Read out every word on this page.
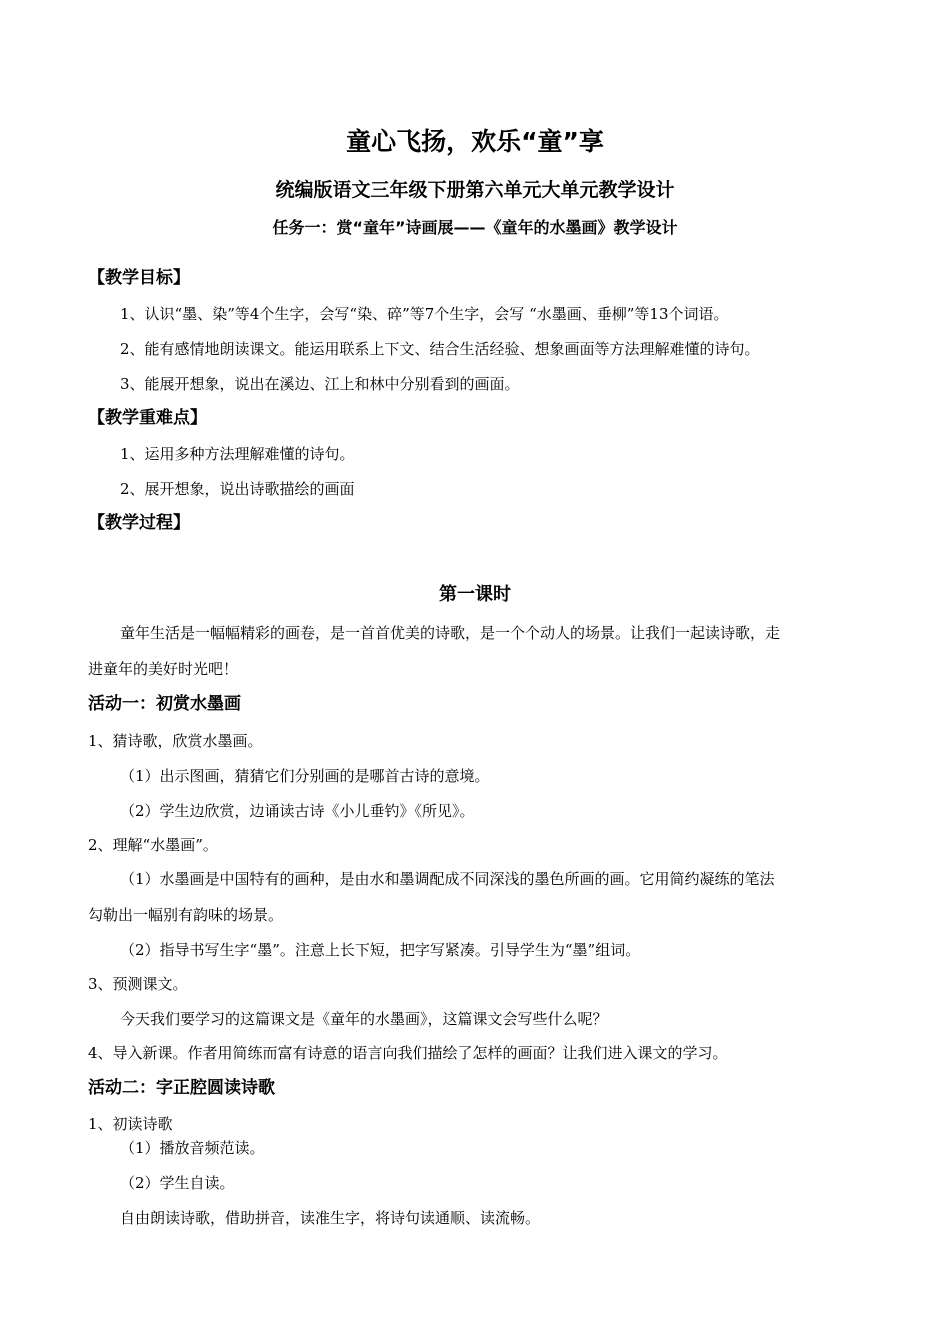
童心飞扬，欢乐“童”享
统编版语文三年级下册第六单元大单元教学设计
任务一：赏“童年”诗画展——《童年的水墨画》教学设计
【教学目标】
1、认识“墨、染”等4个生字，会写“染、碎”等7个生字，会写 “水墨画、垂柳”等13个词语。
2、能有感情地朗读课文。能运用联系上下文、结合生活经验、想象画面等方法理解难懂的诗句。
3、能展开想象，说出在溪边、江上和林中分别看到的画面。
【教学重难点】
1、运用多种方法理解难懂的诗句。
2、展开想象，说出诗歌描绘的画面
【教学过程】
第一课时
童年生活是一幅幅精彩的画卷，是一首首优美的诗歌，是一个个动人的场景。让我们一起读诗歌，走
进童年的美好时光吧！
活动一：初赏水墨画
1、猜诗歌，欣赏水墨画。
（1）出示图画，猜猜它们分别画的是哪首古诗的意境。
（2）学生边欣赏，边诵读古诗《小儿垂钓》《所见》。
2、理解“水墨画”。
（1）水墨画是中国特有的画种，是由水和墨调配成不同深浅的墨色所画的画。它用简约凝练的笔法
勾勒出一幅别有韵味的场景。
（2）指导书写生字“墨”。注意上长下短，把字写紧凑。引导学生为“墨”组词。
3、预测课文。
今天我们要学习的这篇课文是《童年的水墨画》，这篇课文会写些什么呢？
4、导入新课。作者用简练而富有诗意的语言向我们描绘了怎样的画面？让我们进入课文的学习。
活动二：字正腔圆读诗歌
1、初读诗歌
（1）播放音频范读。
（2）学生自读。
自由朗读诗歌，借助拼音，读准生字，将诗句读通顺、读流畅。
